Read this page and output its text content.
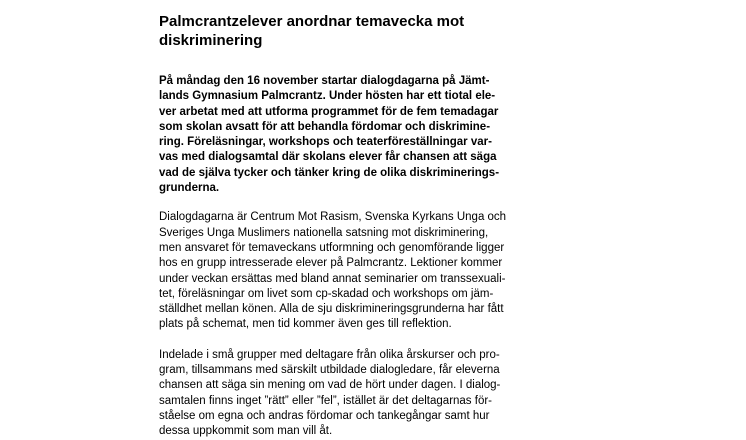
Palmcrantzelever anordnar temavecka mot
diskriminering

På måndag den 16 november startar dialogdagarna på Jämt-
lands Gymnasium Palmcrantz. Under hösten har ett tiotal ele-
ver arbetat med att utforma programmet för de fem temadagar
som skolan avsatt för att behandla fördomar och diskrimine-
ring. Föreläsningar, workshops och teaterföreställningar var-
vas med dialogsamtal där skolans elever får chansen att säga
vad de själva tycker och tänker kring de olika diskriminerings-
grunderna.

Dialogdagarna är Centrum Mot Rasism, Svenska Kyrkans Unga och
Sveriges Unga Muslimers nationella satsning mot diskriminering,
men ansvaret för temaveckans utformning och genomförande ligger
hos en grupp intresserade elever på Palmcrantz. Lektioner kommer
under veckan ersättas med bland annat seminarier om transsexuali-
tet, föreläsningar om livet som cp-skadad och workshops om jäm-
ställdhet mellan könen. Alla de sju diskrimineringsgrunderna har fått
plats på schemat, men tid kommer även ges till reflektion.

Indelade i små grupper med deltagare från olika årskurser och pro-
gram, tillsammans med särskilt utbildade dialogledare, får eleverna
chansen att säga sin mening om vad de hört under dagen. I dialog-
samtalen finns inget ”rätt” eller ”fel”, istället är det deltagarnas för-
ståelse om egna och andras fördomar och tankegångar samt hur
dessa uppkommit som man vill åt.
